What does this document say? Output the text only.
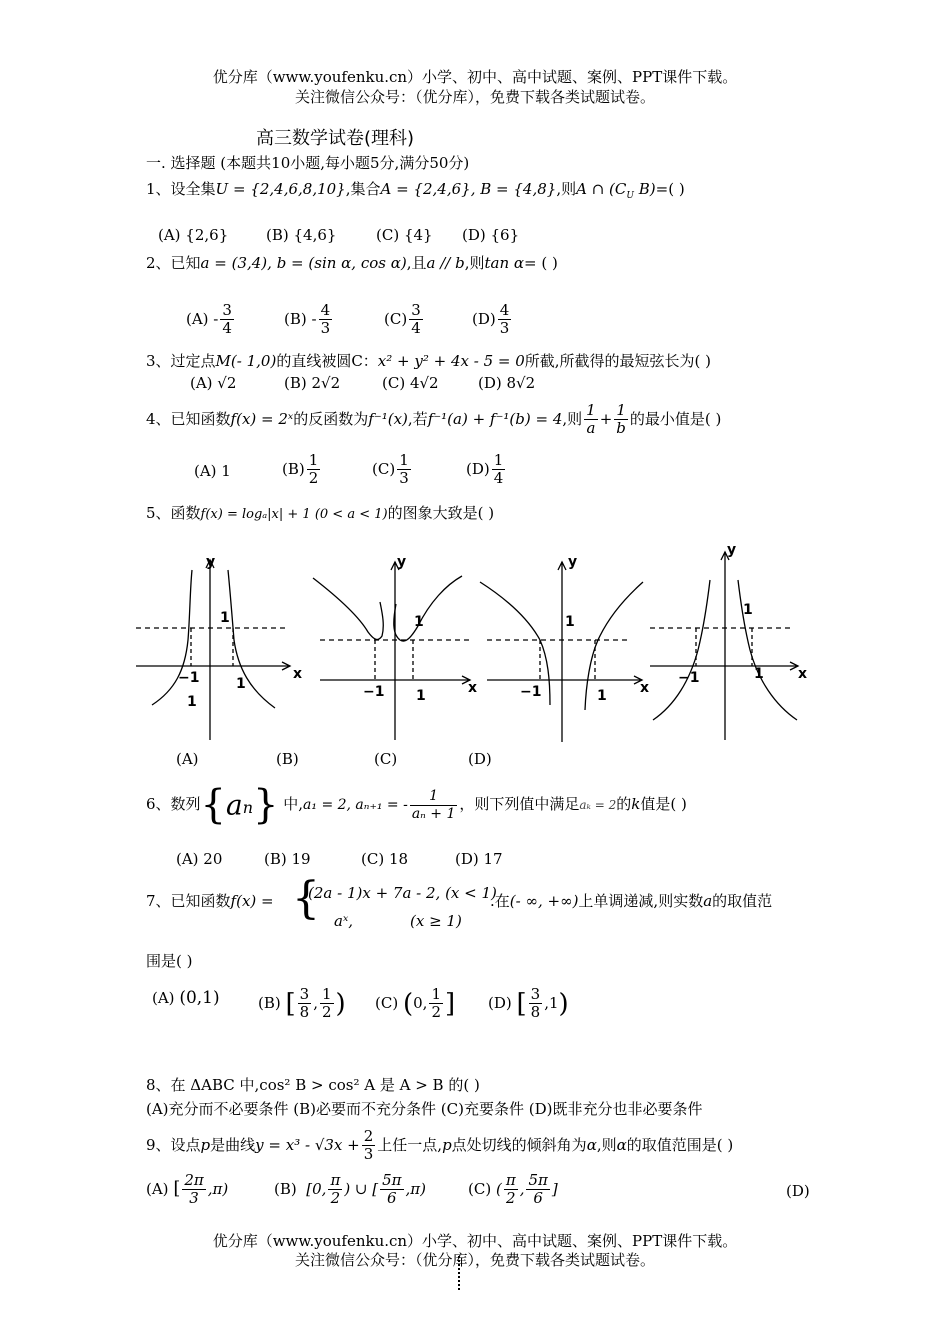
优分库（www.youfenku.cn）小学、初中、高中试题、案例、PPT课件下载。
关注微信公众号：（优分库），免费下载各类试题试卷。
高三数学试卷(理科)
一. 选择题 (本题共10小题,每小题5分,满分50分)
1、设全集U = {2,4,6,8,10},集合A = {2,4,6}, B = {4,8},则A ∩ ($C_U$ B)=( )
(A) {2,6}	(B) {4,6}	(C) {4} (D) {6}
2、已知a = (3,4), b = (sin α, cos α),且a // b,则tan α= ( )
$(A) - \frac{3}{4}$	$(B) - \frac{4}{3}$	$(C) \frac{3}{4}$	$(D) \frac{4}{3}$
3、过定点M(- 1,0)的直线被圆C：x² + y² + 4x - 5 = 0所截,所截得的最短弦长为( )
(A) √2	(B) 2√2	(C) 4√2	(D) 8√2
4、已知函数f(x) = 2ˣ的反函数为f⁻¹(x),若f⁻¹(a) + f⁻¹(b) = 4,则 $\frac{1}{a} + \frac{1}{b}$ 的最小值是( )
(A) 1	$(B) \frac{1}{2}$	$(C) \frac{1}{3}$	$(D) \frac{1}{4}$
5、函数f(x) = logₐ|x| + 1 (0 < a < 1)的图象大致是( )
y
x
1
−1	1
1
y
x
1
−1 1
y
x
1
−1	1
y
x
1
−1	1
(A)	(B)	(C)	(D)
6、数列$\{a_n\}$ 中,a₁ = 2, aₙ₊₁ = - $\frac{1}{\text{aₙ + 1}}$ ，则下列值中满足aₖ = 2的k值是( )
(A) 20	(B) 19	(C) 18	(D) 17
7、已知函数f(x) = {
(2a - 1)x + 7a - 2, (x < 1)
aˣ,	(x ≥ 1)
.在(- ∞, +∞)上单调递减,则实数a的取值范
围是( )
(A) (0,1)	(B) [ $\frac{3}{8}$ , $\frac{1}{2}$ ) (C) (0, $\frac{1}{2}$ ] (D) [ $\frac{3}{8} ,1$)
8、在 ΔABC 中,cos² B > cos² A 是 A > B 的( )
(A)充分而不必要条件 (B)必要而不充分条件 (C)充要条件 (D)既非充分也非必要条件
9、设点p是曲线$y = x^3 - √3x + \frac{2}{3}$ 上任一点,p点处切线的倾斜角为α,则α的取值范围是( )
(A) [ $\frac{2\pi}{3} ,\pi$)	(B) [0, $\frac{\pi}{2}$ ) ∪ [ $\frac{5\pi}{6} ,\pi$)	(C) ( $\frac{\pi}{2}$ , $\frac{5\pi}{6}$ ]	(D)
优分库（www.youfenku.cn）小学、初中、高中试题、案例、PPT课件下载。
关注微信公众号：（优分库），免费下载各类试题试卷。
